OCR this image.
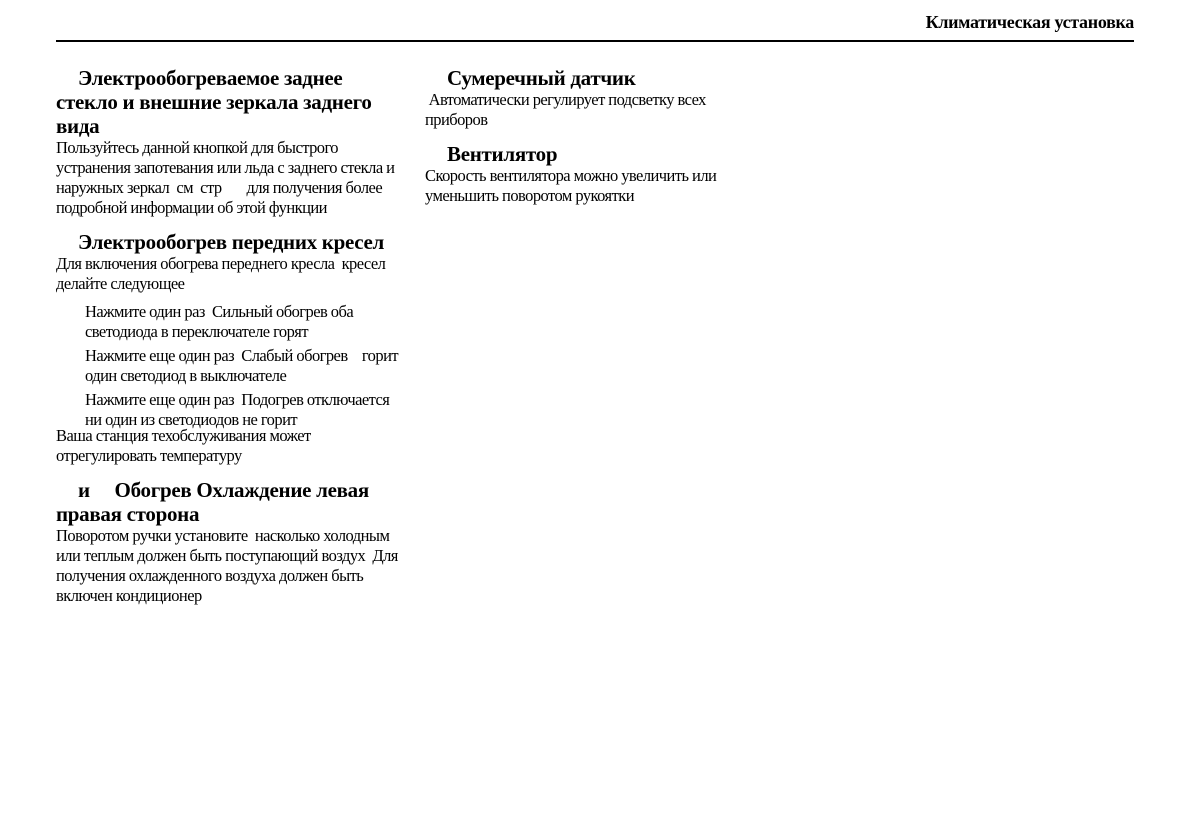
Климатическая установка
Электрообогреваемое заднее стекло и внешние зеркала заднего вида

Пользуйтесь данной кнопкой для быстрого устранения запотевания или льда с заднего стекла и наружных зеркал  см  стр       для получения более подробной информации об этой функции

Электрообогрев передних кресел

Для включения обогрева переднего кресла  кресел    делайте следующее

Нажмите один раз  Сильный обогрев оба светодиода в переключателе горят
Нажмите еще один раз  Слабый обогрев    горит один светодиод в выключателе
Нажмите еще один раз  Подогрев отключается    ни один из светодиодов не горит

Ваша станция техобслуживания может отрегулировать температуру

и     Обогрев Охлаждение левая правая сторона

Поворотом ручки установите  насколько холодным или теплым должен быть поступающий воздух  Для получения охлажденного воздуха должен быть включен кондиционер

Сумеречный датчик

Автоматически регулирует подсветку всех приборов

Вентилятор

Скорость вентилятора можно увеличить или уменьшить поворотом рукоятки
